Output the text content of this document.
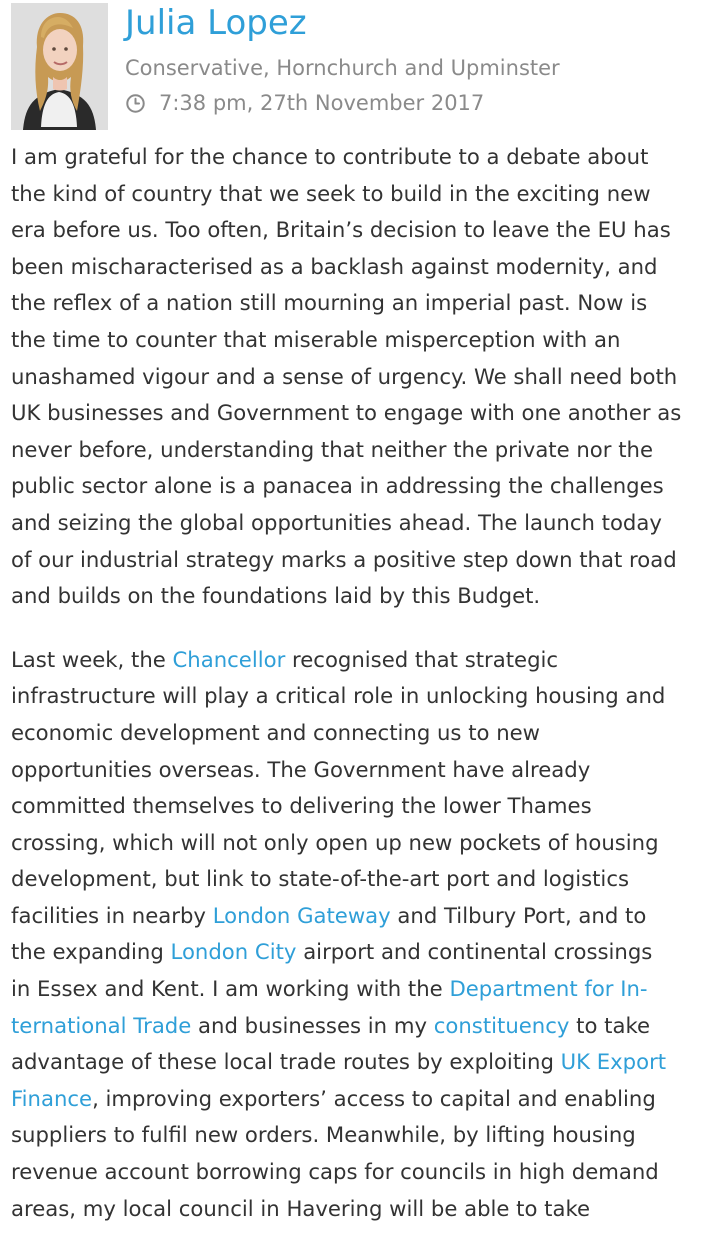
Julia Lopez
Conservative, Hornchurch and Upminster
7:38 pm, 27th November 2017
I am grateful for the chance to contribute to a debate about
the kind of country that we seek to build in the exciting new
era before us. Too often, Britain’s decision to leave the EU has
been mischaracterised as a backlash against modernity, and
the reflex of a nation still mourning an imperial past. Now is
the time to counter that miserable misperception with an
unashamed vigour and a sense of urgency. We shall need both
UK businesses and Government to engage with one another as
never before, understanding that neither the private nor the
public sector alone is a panacea in addressing the challenges
and seizing the global opportunities ahead. The launch today
of our industrial strategy marks a positive step down that road
and builds on the foundations laid by this Budget.
Last week, the Chancellor recognised that strategic
infrastructure will play a critical role in unlocking housing and
economic development and connecting us to new
opportunities overseas. The Government have already
committed themselves to delivering the lower Thames
crossing, which will not only open up new pockets of housing
development, but link to state-of-the-art port and logistics
facilities in nearby London Gateway and Tilbury Port, and to
the expanding London City airport and continental crossings
in Essex and Kent. I am working with the Department for In-
ternational Trade and businesses in my constituency to take
advantage of these local trade routes by exploiting UK Export
Finance, improving exporters’ access to capital and enabling
suppliers to fulfil new orders. Meanwhile, by lifting housing
revenue account borrowing caps for councils in high demand
areas, my local council in Havering will be able to take
